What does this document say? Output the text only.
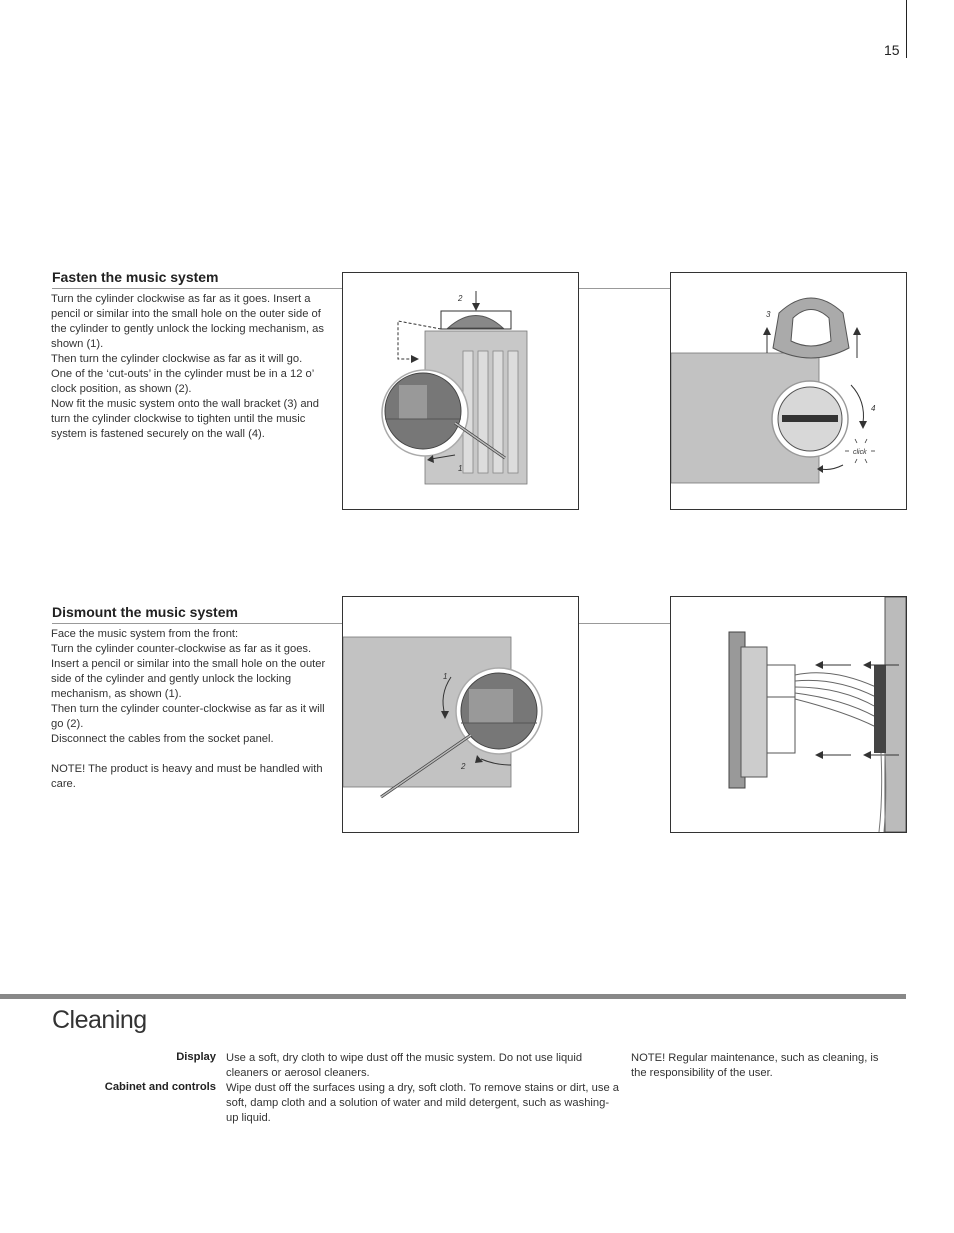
15
Fasten the music system

Turn the cylinder clockwise as far as it goes. Insert a pencil or similar into the small hole on the outer side of the cylinder to gently unlock the locking mechanism, as shown (1).

Then turn the cylinder clockwise as far as it will go. One of the ‘cut-outs’ in the cylinder must be in a 12 o’ clock position, as shown (2).

Now fit the music system onto the wall bracket (3) and turn the cylinder clockwise to tighten until the music system is fastened securely on the wall (4).

2
1
3
4
click
Dismount the music system

Face the music system from the front:

Turn the cylinder counter-clockwise as far as it goes. Insert a pencil or similar into the small hole on the outer side of the cylinder and gently unlock the locking mechanism, as shown (1).

Then turn the cylinder counter-clockwise as far as it will go (2).

Disconnect the cables from the socket panel.

NOTE! The product is heavy and must be handled with care.

1
2
Cleaning
Display Use a soft, dry cloth to wipe dust off the music system. Do not use liquid cleaners or aerosol cleaners.
Cabinet and controls Wipe dust off the surfaces using a dry, soft cloth. To remove stains or dirt, use a soft, damp cloth and a solution of water and mild detergent, such as washing-up liquid.
NOTE! Regular maintenance, such as cleaning, is the responsibility of the user.
